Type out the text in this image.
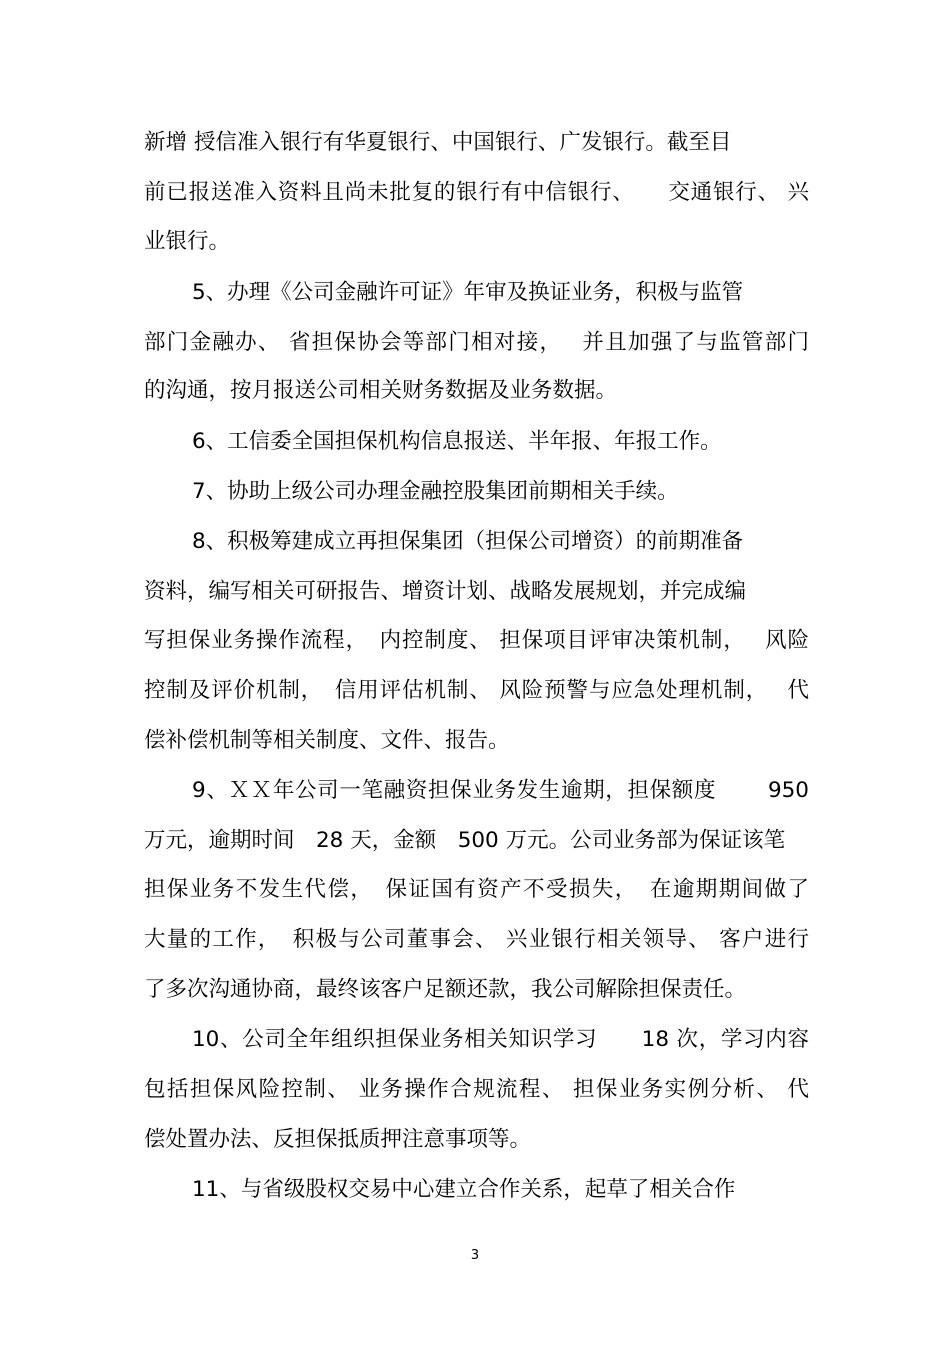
新增 授信准入银行有华夏银行、中国银行、广发银行。截至目
前已报送准入资料且尚未批复的银行有中信银行、　　交通银行、 兴
业银行。
5、办理《公司金融许可证》年审及换证业务，积极与监管
部门金融办、 省担保协会等部门相对接，　 并且加强了与监管部门
的沟通，按月报送公司相关财务数据及业务数据。
6、工信委全国担保机构信息报送、半年报、年报工作。
7、协助上级公司办理金融控股集团前期相关手续。
8、积极筹建成立再担保集团（担保公司增资）的前期准备
资料，编写相关可研报告、增资计划、战略发展规划，并完成编
写担保业务操作流程，　内控制度、 担保项目评审决策机制，　 风险
控制及评价机制，　信用评估机制、 风险预警与应急处理机制，　 代
偿补偿机制等相关制度、文件、报告。
9、ＸＸ年公司一笔融资担保业务发生逾期，担保额度　　 950
万元，逾期时间　28 天，金额　500 万元。公司业务部为保证该笔
担保业务不发生代偿，　保证国有资产不受损失，　在逾期期间做了
大量的工作，　积极与公司董事会、 兴业银行相关领导、 客户进行
了多次沟通协商，最终该客户足额还款，我公司解除担保责任。
10、公司全年组织担保业务相关知识学习　　18 次，学习内容
包括担保风险控制、 业务操作合规流程、 担保业务实例分析、 代
偿处置办法、反担保抵质押注意事项等。
11、与省级股权交易中心建立合作关系，起草了相关合作
3
